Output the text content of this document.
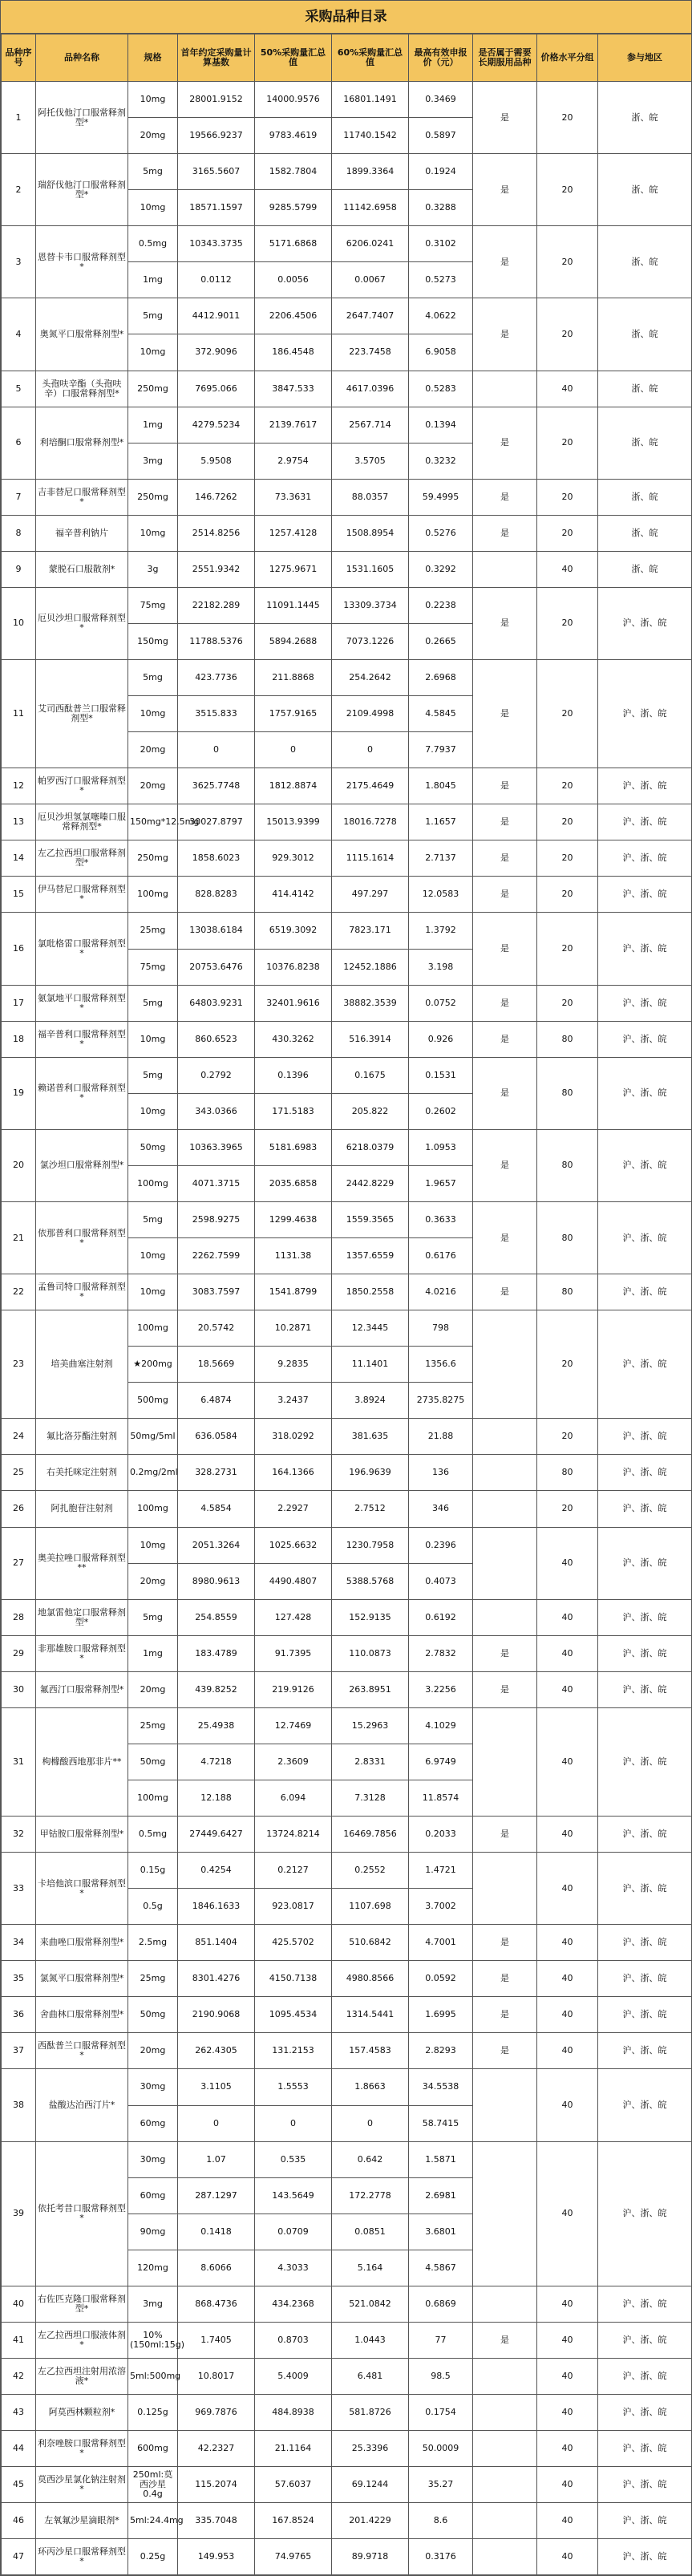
采购品种目录
品种序号	品种名称	规格	首年约定采购量计算基数	50%采购量汇总值	60%采购量汇总值	最高有效申报价（元）	是否属于需要长期服用品种	价格水平分组	参与地区
1	阿托伐他汀口服常释剂型*	10mg	28001.9152	14000.9576	16801.1491	0.3469	是	20	浙、皖
		20mg	19566.9237	9783.4619	11740.1542	0.5897			
2	瑞舒伐他汀口服常释剂型*	5mg	3165.5607	1582.7804	1899.3364	0.1924	是	20	浙、皖
		10mg	18571.1597	9285.5799	11142.6958	0.3288			
3	恩替卡韦口服常释剂型*	0.5mg	10343.3735	5171.6868	6206.0241	0.3102	是	20	浙、皖
		1mg	0.0112	0.0056	0.0067	0.5273			
4	奥氮平口服常释剂型*	5mg	4412.9011	2206.4506	2647.7407	4.0622	是	20	浙、皖
		10mg	372.9096	186.4548	223.7458	6.9058			
5	头孢呋辛酯（头孢呋辛）口服常释剂型*	250mg	7695.066	3847.533	4617.0396	0.5283		40	浙、皖
6	利培酮口服常释剂型*	1mg	4279.5234	2139.7617	2567.714	0.1394	是	20	浙、皖
		3mg	5.9508	2.9754	3.5705	0.3232			
7	吉非替尼口服常释剂型*	250mg	146.7262	73.3631	88.0357	59.4995	是	20	浙、皖
8	福辛普利钠片	10mg	2514.8256	1257.4128	1508.8954	0.5276	是	20	浙、皖
9	蒙脱石口服散剂*	3g	2551.9342	1275.9671	1531.1605	0.3292		40	浙、皖
10	厄贝沙坦口服常释剂型*	75mg	22182.289	11091.1445	13309.3734	0.2238	是	20	沪、浙、皖
		150mg	11788.5376	5894.2688	7073.1226	0.2665			
11	艾司西酞普兰口服常释剂型*	5mg	423.7736	211.8868	254.2642	2.6968	是	20	沪、浙、皖
		10mg	3515.833	1757.9165	2109.4998	4.5845			
		20mg	0	0	0	7.7937			
12	帕罗西汀口服常释剂型*	20mg	3625.7748	1812.8874	2175.4649	1.8045	是	20	沪、浙、皖
13	厄贝沙坦氢氯噻嗪口服常释剂型*	150mg*12.5mg	30027.8797	15013.9399	18016.7278	1.1657	是	20	沪、浙、皖
14	左乙拉西坦口服常释剂型*	250mg	1858.6023	929.3012	1115.1614	2.7137	是	20	沪、浙、皖
15	伊马替尼口服常释剂型*	100mg	828.8283	414.4142	497.297	12.0583	是	20	沪、浙、皖
16	氯吡格雷口服常释剂型*	25mg	13038.6184	6519.3092	7823.171	1.3792	是	20	沪、浙、皖
		75mg	20753.6476	10376.8238	12452.1886	3.198			
17	氨氯地平口服常释剂型*	5mg	64803.9231	32401.9616	38882.3539	0.0752	是	20	沪、浙、皖
18	福辛普利口服常释剂型*	10mg	860.6523	430.3262	516.3914	0.926	是	80	沪、浙、皖
19	赖诺普利口服常释剂型*	5mg	0.2792	0.1396	0.1675	0.1531	是	80	沪、浙、皖
		10mg	343.0366	171.5183	205.822	0.2602			
20	氯沙坦口服常释剂型*	50mg	10363.3965	5181.6983	6218.0379	1.0953	是	80	沪、浙、皖
		100mg	4071.3715	2035.6858	2442.8229	1.9657			
21	依那普利口服常释剂型*	5mg	2598.9275	1299.4638	1559.3565	0.3633	是	80	沪、浙、皖
		10mg	2262.7599	1131.38	1357.6559	0.6176			
22	孟鲁司特口服常释剂型*	10mg	3083.7597	1541.8799	1850.2558	4.0216	是	80	沪、浙、皖
23	培美曲塞注射剂	100mg	20.5742	10.2871	12.3445	798		20	沪、浙、皖
		★200mg	18.5669	9.2835	11.1401	1356.6			
		500mg	6.4874	3.2437	3.8924	2735.8275			
24	氟比洛芬酯注射剂	50mg/5ml	636.0584	318.0292	381.635	21.88		20	沪、浙、皖
25	右美托咪定注射剂	0.2mg/2ml	328.2731	164.1366	196.9639	136		80	沪、浙、皖
26	阿扎胞苷注射剂	100mg	4.5854	2.2927	2.7512	346		20	沪、浙、皖
27	奥美拉唑口服常释剂型**	10mg	2051.3264	1025.6632	1230.7958	0.2396		40	沪、浙、皖
		20mg	8980.9613	4490.4807	5388.5768	0.4073			
28	地氯雷他定口服常释剂型*	5mg	254.8559	127.428	152.9135	0.6192		40	沪、浙、皖
29	非那雄胺口服常释剂型*	1mg	183.4789	91.7395	110.0873	2.7832	是	40	沪、浙、皖
30	氟西汀口服常释剂型*	20mg	439.8252	219.9126	263.8951	3.2256	是	40	沪、浙、皖
31	枸橼酸西地那非片**	25mg	25.4938	12.7469	15.2963	4.1029		40	沪、浙、皖
		50mg	4.7218	2.3609	2.8331	6.9749			
		100mg	12.188	6.094	7.3128	11.8574			
32	甲钴胺口服常释剂型*	0.5mg	27449.6427	13724.8214	16469.7856	0.2033	是	40	沪、浙、皖
33	卡培他滨口服常释剂型*	0.15g	0.4254	0.2127	0.2552	1.4721		40	沪、浙、皖
		0.5g	1846.1633	923.0817	1107.698	3.7002			
34	来曲唑口服常释剂型*	2.5mg	851.1404	425.5702	510.6842	4.7001	是	40	沪、浙、皖
35	氯氮平口服常释剂型*	25mg	8301.4276	4150.7138	4980.8566	0.0592	是	40	沪、浙、皖
36	舍曲林口服常释剂型*	50mg	2190.9068	1095.4534	1314.5441	1.6995	是	40	沪、浙、皖
37	西酞普兰口服常释剂型*	20mg	262.4305	131.2153	157.4583	2.8293	是	40	沪、浙、皖
38	盐酸达泊西汀片*	30mg	3.1105	1.5553	1.8663	34.5538		40	沪、浙、皖
		60mg	0	0	0	58.7415			
39	依托考昔口服常释剂型*	30mg	1.07	0.535	0.642	1.5871		40	沪、浙、皖
		60mg	287.1297	143.5649	172.2778	2.6981			
		90mg	0.1418	0.0709	0.0851	3.6801			
		120mg	8.6066	4.3033	5.164	4.5867			
40	右佐匹克隆口服常释剂型*	3mg	868.4736	434.2368	521.0842	0.6869		40	沪、浙、皖
41	左乙拉西坦口服液体剂*	10%(150ml:15g)	1.7405	0.8703	1.0443	77	是	40	沪、浙、皖
42	左乙拉西坦注射用浓溶液*	5ml:500mg	10.8017	5.4009	6.481	98.5		40	沪、浙、皖
43	阿莫西林颗粒剂*	0.125g	969.7876	484.8938	581.8726	0.1754		40	沪、浙、皖
44	利奈唑胺口服常释剂型*	600mg	42.2327	21.1164	25.3396	50.0009		40	沪、浙、皖
45	莫西沙星氯化钠注射剂*	250ml:莫西沙星0.4g	115.2074	57.6037	69.1244	35.27		40	沪、浙、皖
46	左氧氟沙星滴眼剂*	5ml:24.4mg	335.7048	167.8524	201.4229	8.6		40	沪、浙、皖
47	环丙沙星口服常释剂型*	0.25g	149.953	74.9765	89.9718	0.3176		40	沪、浙、皖
